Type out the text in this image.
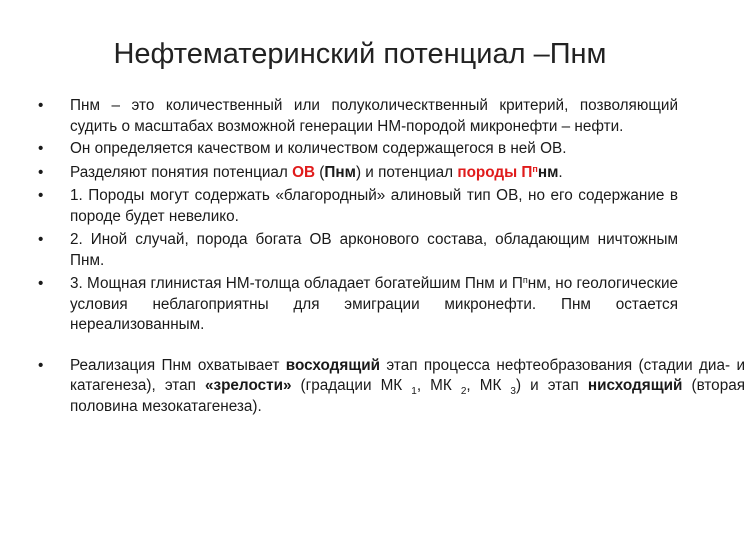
Нефтематеринский потенциал –Пнм
•	Пнм – это количественный или полуколическтвенный критерий, позволяющий судить о масштабах возможной генерации НМ-породой микронефти – нефти.
•	Он определяется качеством и количеством содержащегося в ней ОВ.
•	Разделяют понятия потенциал ОВ (Пнм) и потенциал породы $П^пнм$.
•	1. Породы могут содержать «благородный» алиновый тип ОВ, но его содержание в породе будет невелико.
•	2. Иной случай, порода богата ОВ арконового состава, обладающим ничтожным Пнм.
•	3. Мощная глинистая НМ-толща обладает богатейшим Пнм и $П^пнм$, но геологические условия неблагоприятны для эмиграции микронефти. Пнм остается нереализованным.
•	Реализация Пнм охватывает восходящий этап процесса нефтеобразования (стадии диа- и катагенеза), этап «зрелости» (градации МК $_1$, МК $_2$, МК $_3$) и этап нисходящий (вторая половина мезокатагенеза).
